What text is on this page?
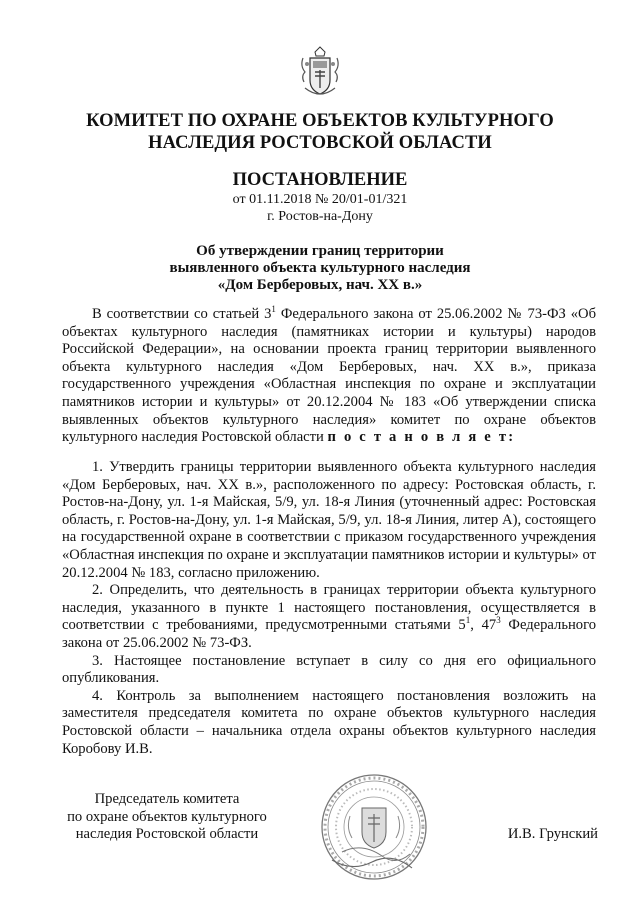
КОМИТЕТ ПО ОХРАНЕ ОБЪЕКТОВ КУЛЬТУРНОГО
НАСЛЕДИЯ РОСТОВСКОЙ ОБЛАСТИ
ПОСТАНОВЛЕНИЕ
от 01.11.2018 № 20/01-01/321
г. Ростов-на-Дону
Об утверждении границ территории
выявленного объекта культурного наследия
«Дом Берберовых, нач. XX в.»

В соответствии со статьей $3^1$ Федерального закона от 25.06.2002 № 73-ФЗ «Об объектах культурного наследия (памятниках истории и культуры) народов Российской Федерации», на основании проекта границ территории выявленного объекта культурного наследия «Дом Берберовых, нач. XX в.», приказа государственного учреждения «Областная инспекция по охране и эксплуатации памятников истории и культуры» от 20.12.2004 № 183 «Об утверждении списка выявленных объектов культурного наследия» комитет по охране объектов культурного наследия Ростовской области п о с т а н о в л я е т:

1. Утвердить границы территории выявленного объекта культурного наследия «Дом Берберовых, нач. XX в.», расположенного по адресу: Ростовская область, г. Ростов-на-Дону, ул. 1-я Майская, 5/9, ул. 18-я Линия (уточненный адрес: Ростовская область, г. Ростов-на-Дону, ул. 1-я Майская, 5/9, ул. 18-я Линия, литер А), состоящего на государственной охране в соответствии с приказом государственного учреждения «Областная инспекция по охране и эксплуатации памятников истории и культуры» от 20.12.2004 № 183, согласно приложению.

2. Определить, что деятельность в границах территории объекта культурного наследия, указанного в пункте 1 настоящего постановления, осуществляется в соответствии с требованиями, предусмотренными статьями $5^1$, $47^3$ Федерального закона от 25.06.2002 № 73-ФЗ.

3. Настоящее постановление вступает в силу со дня его официального опубликования.

4. Контроль за выполнением настоящего постановления возложить на заместителя председателя комитета по охране объектов культурного наследия Ростовской области – начальника отдела охраны объектов культурного наследия Коробову И.В.

Председатель комитета
по охране объектов культурного
наследия Ростовской области	И.В. Грунский
